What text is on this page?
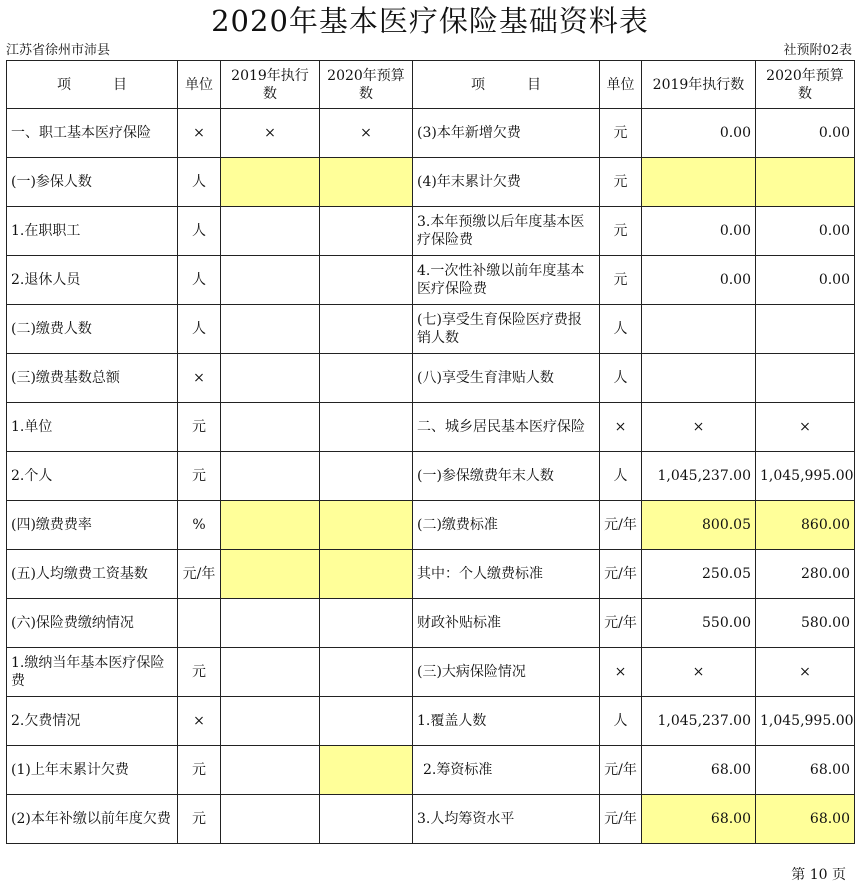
2020年基本医疗保险基础资料表
江苏省徐州市沛县	社预附02表
项　　　目	单位	2019年执行数	2020年预算数	项　　　目	单位	2019年执行数	2020年预算数
一、职工基本医疗保险	×	×	×	(3)本年新增欠费	元	0.00	0.00
(一)参保人数	人			(4)年末累计欠费	元		
1.在职职工	人			3.本年预缴以后年度基本医疗保险费	元	0.00	0.00
2.退休人员	人			4.一次性补缴以前年度基本医疗保险费	元	0.00	0.00
(二)缴费人数	人			(七)享受生育保险医疗费报销人数	人		
(三)缴费基数总额	×			(八)享受生育津贴人数	人		
1.单位	元			二、城乡居民基本医疗保险	×	×	×
2.个人	元			(一)参保缴费年末人数	人	1,045,237.00	1,045,995.00
(四)缴费费率	%			(二)缴费标准	元/年	800.05	860.00
(五)人均缴费工资基数	元/年			其中：个人缴费标准	元/年	250.05	280.00
(六)保险费缴纳情况				财政补贴标准	元/年	550.00	580.00
1.缴纳当年基本医疗保险费	元			(三)大病保险情况	×	×	×
2.欠费情况	×			1.覆盖人数	人	1,045,237.00	1,045,995.00
(1)上年末累计欠费	元			2.筹资标准	元/年	68.00	68.00
(2)本年补缴以前年度欠费	元			3.人均筹资水平	元/年	68.00	68.00
第 10 页
